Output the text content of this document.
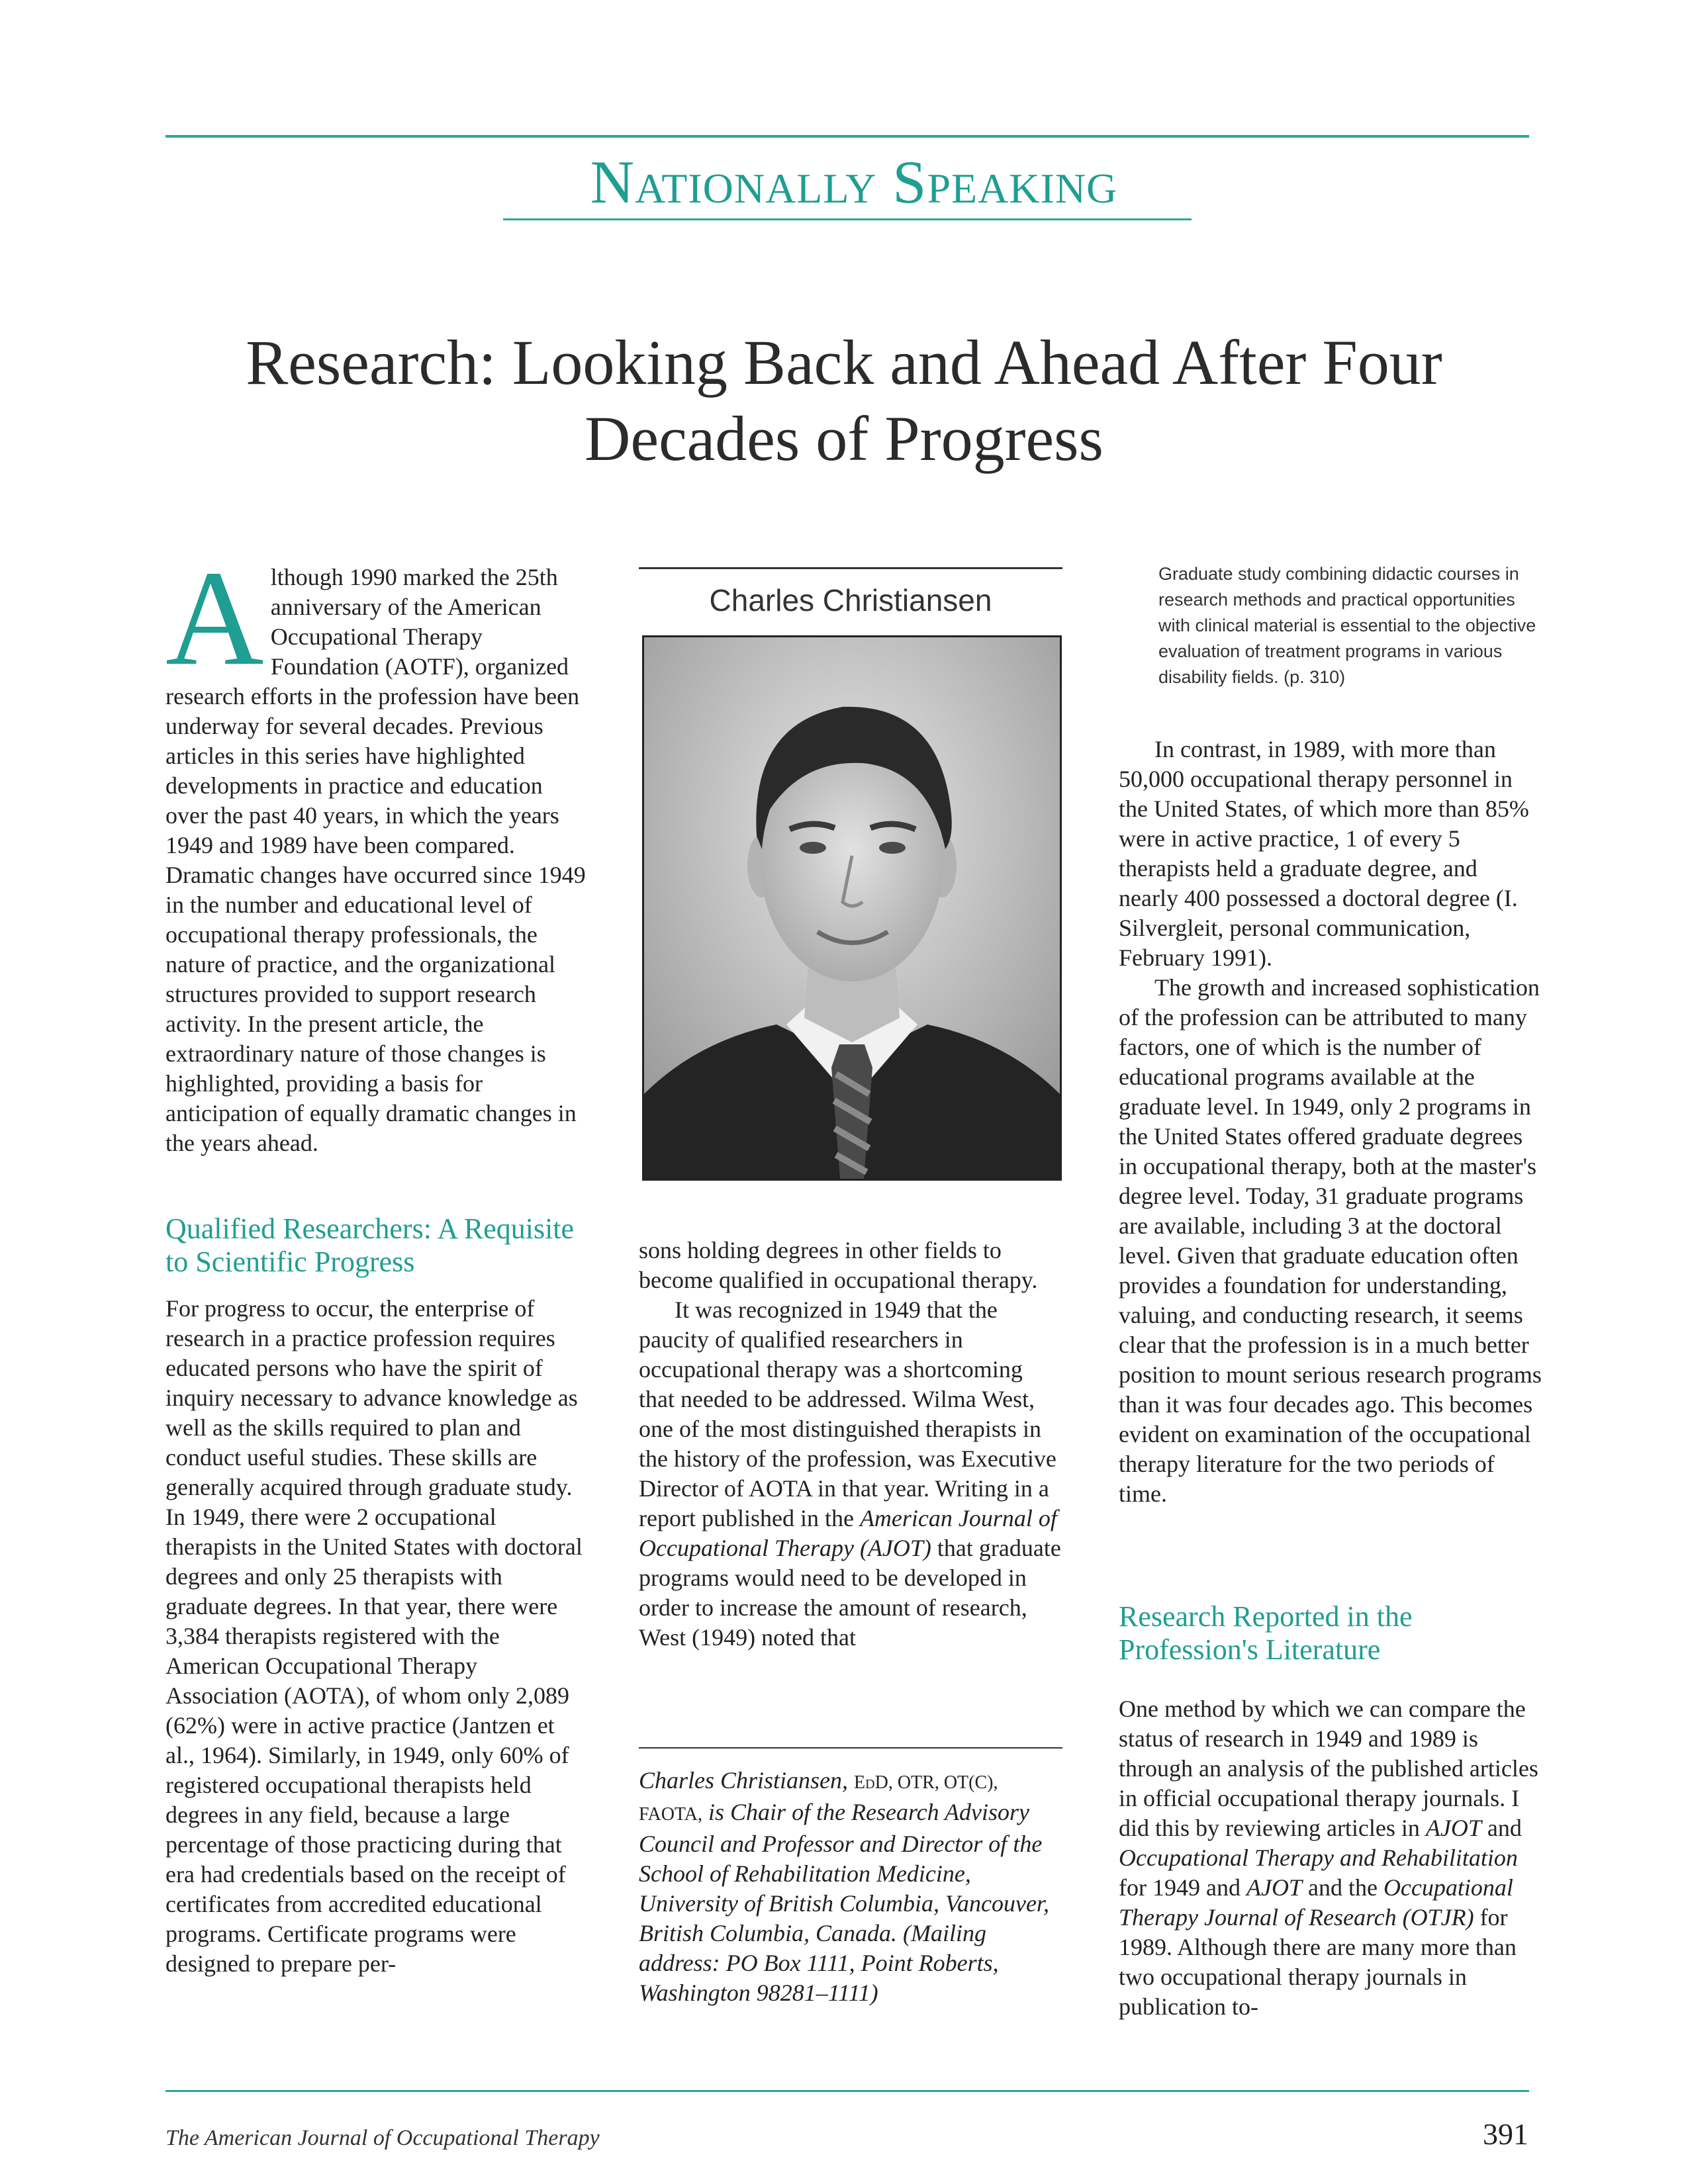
Nationally Speaking
Research: Looking Back and Ahead After Four Decades of Progress

Although 1990 marked the 25th anniversary of the American Occupational Therapy Foundation (AOTF), organized research efforts in the profession have been underway for several decades. Previous articles in this series have highlighted developments in practice and education over the past 40 years, in which the years 1949 and 1989 have been compared. Dramatic changes have occurred since 1949 in the number and educational level of occupational therapy professionals, the nature of practice, and the organizational structures provided to support research activity. In the present article, the extraordinary nature of those changes is highlighted, providing a basis for anticipation of equally dramatic changes in the years ahead.

Qualified Researchers: A Requisite to Scientific Progress

For progress to occur, the enterprise of research in a practice profession requires educated persons who have the spirit of inquiry necessary to advance knowledge as well as the skills required to plan and conduct useful studies. These skills are generally acquired through graduate study. In 1949, there were 2 occupational therapists in the United States with doctoral degrees and only 25 therapists with graduate degrees. In that year, there were 3,384 therapists registered with the American Occupational Therapy Association (AOTA), of whom only 2,089 (62%) were in active practice (Jantzen et al., 1964). Similarly, in 1949, only 60% of registered occupational therapists held degrees in any field, because a large percentage of those practicing during that era had credentials based on the receipt of certificates from accredited educational programs. Certificate programs were designed to prepare per-

Charles Christiansen

sons holding degrees in other fields to become qualified in occupational therapy.

It was recognized in 1949 that the paucity of qualified researchers in occupational therapy was a shortcoming that needed to be addressed. Wilma West, one of the most distinguished therapists in the history of the profession, was Executive Director of AOTA in that year. Writing in a report published in the American Journal of Occupational Therapy (AJOT) that graduate programs would need to be developed in order to increase the amount of research, West (1949) noted that

Charles Christiansen, EdD, OTR, OT(C), FAOTA, is Chair of the Research Advisory Council and Professor and Director of the School of Rehabilitation Medicine, University of British Columbia, Vancouver, British Columbia, Canada. (Mailing address: PO Box 1111, Point Roberts, Washington 98281–1111)
Graduate study combining didactic courses in research methods and practical opportunities with clinical material is essential to the objective evaluation of treatment programs in various disability fields. (p. 310)

In contrast, in 1989, with more than 50,000 occupational therapy personnel in the United States, of which more than 85% were in active practice, 1 of every 5 therapists held a graduate degree, and nearly 400 possessed a doctoral degree (I. Silvergleit, personal communication, February 1991).

The growth and increased sophistication of the profession can be attributed to many factors, one of which is the number of educational programs available at the graduate level. In 1949, only 2 programs in the United States offered graduate degrees in occupational therapy, both at the master's degree level. Today, 31 graduate programs are available, including 3 at the doctoral level. Given that graduate education often provides a foundation for understanding, valuing, and conducting research, it seems clear that the profession is in a much better position to mount serious research programs than it was four decades ago. This becomes evident on examination of the occupational therapy literature for the two periods of time.

Research Reported in the Profession's Literature

One method by which we can compare the status of research in 1949 and 1989 is through an analysis of the published articles in official occupational therapy journals. I did this by reviewing articles in AJOT and Occupational Therapy and Rehabilitation for 1949 and AJOT and the Occupational Therapy Journal of Research (OTJR) for 1989. Although there are many more than two occupational therapy journals in publication to-

The American Journal of Occupational Therapy	391
